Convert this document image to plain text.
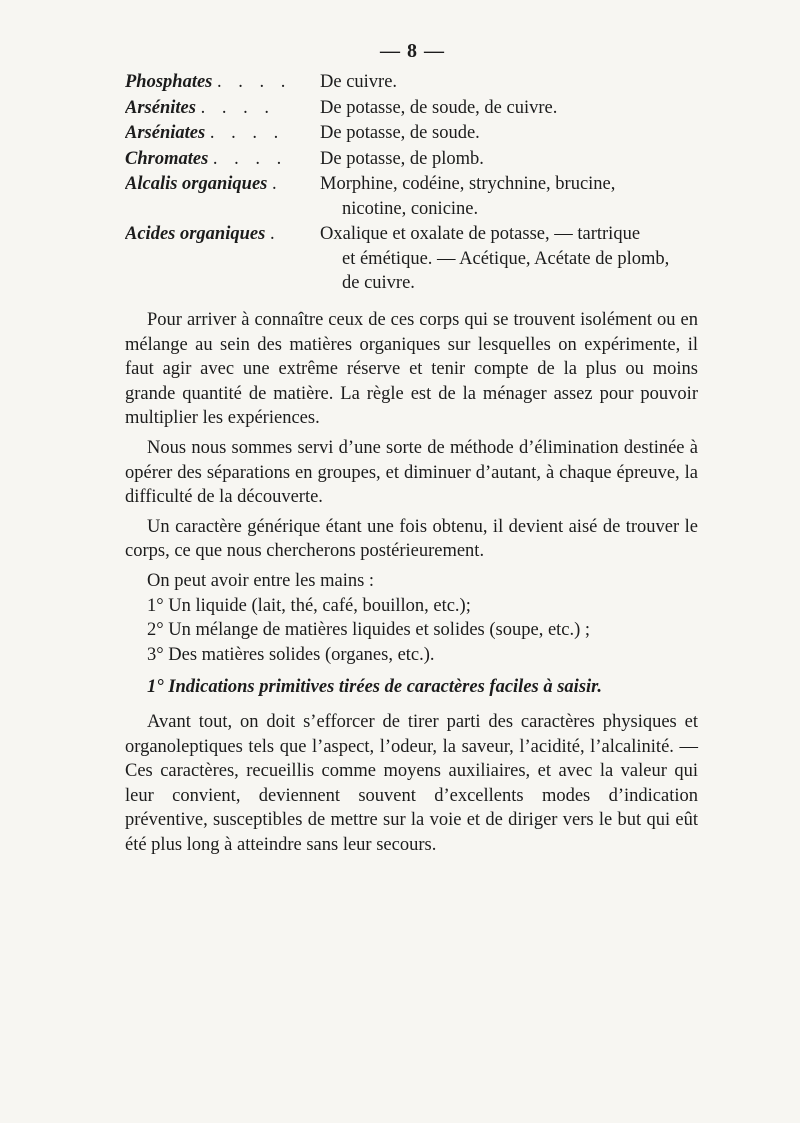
— 8 —
Phosphates . . . .	De cuivre.
Arsénites . . . .	De potasse, de soude, de cuivre.
Arséniates . . . .	De potasse, de soude.
Chromates . . . .	De potasse, de plomb.
Alcalis organiques .	Morphine, codéine, strychnine, brucine,
nicotine, conicine.
Acides organiques .	Oxalique et oxalate de potasse, — tartrique
et émétique. — Acétique, Acétate de plomb,
de cuivre.

Pour arriver à connaître ceux de ces corps qui se trouvent isolément ou en mélange au sein des matières organiques sur lesquelles on expérimente, il faut agir avec une extrême réserve et tenir compte de la plus ou moins grande quantité de matière. La règle est de la ménager assez pour pouvoir multiplier les expériences.

Nous nous sommes servi d’une sorte de méthode d’élimination destinée à opérer des séparations en groupes, et diminuer d’autant, à chaque épreuve, la difficulté de la découverte.

Un caractère générique étant une fois obtenu, il devient aisé de trouver le corps, ce que nous chercherons postérieurement.

On peut avoir entre les mains :

1° Un liquide (lait, thé, café, bouillon, etc.);
2° Un mélange de matières liquides et solides (soupe, etc.) ;
3° Des matières solides (organes, etc.).
1° Indications primitives tirées de caractères faciles à saisir.

Avant tout, on doit s’efforcer de tirer parti des caractères physiques et organoleptiques tels que l’aspect, l’odeur, la saveur, l’acidité, l’alcalinité. — Ces caractères, recueillis comme moyens auxiliaires, et avec la valeur qui leur convient, deviennent souvent d’excellents modes d’indication préventive, susceptibles de mettre sur la voie et de diriger vers le but qui eût été plus long à atteindre sans leur secours.
